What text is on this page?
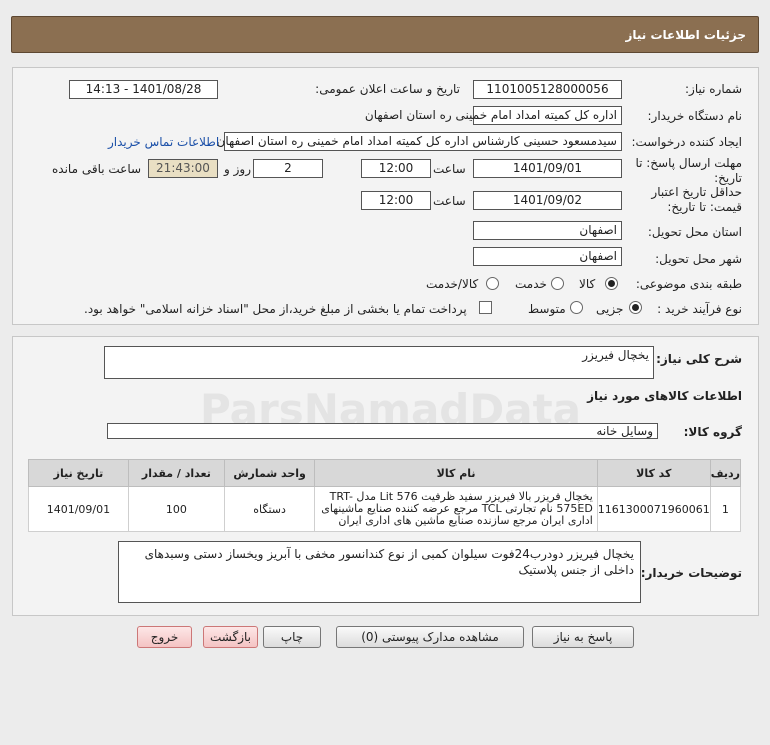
جزئیات اطلاعات نیاز
شماره نیاز:
1101005128000056
تاریخ و ساعت اعلان عمومی:
1401/08/28 - 14:13
نام دستگاه خریدار:
اداره کل کمیته امداد امام خمینی ره استان اصفهان
ایجاد کننده درخواست:
سیدمسعود حسینی کارشناس اداره کل کمیته امداد امام خمینی ره استان اصفهان
اطلاعات تماس خریدار
مهلت ارسال پاسخ: تا تاریخ:
1401/09/01
ساعت
12:00
2
روز و
21:43:00
ساعت باقی مانده
حداقل تاریخ اعتبار قیمت: تا تاریخ:
1401/09/02
ساعت
12:00
استان محل تحویل:
اصفهان
شهر محل تحویل:
اصفهان
طبقه بندی موضوعی:
کالا
خدمت
کالا/خدمت
نوع فرآیند خرید :
جزیی
متوسط
پرداخت تمام یا بخشی از مبلغ خرید،از محل "اسناد خزانه اسلامی" خواهد بود.
شرح کلی نیاز:
یخچال فیریزر
اطلاعات کالاهای مورد نیاز
گروه کالا:
وسایل خانه
ردیف	کد کالا	نام کالا	واحد شمارش	تعداد / مقدار	تاریخ نیاز
1	1161300071960061	یخچال فریزر بالا فیریزر سفید ظرفیت 576 Lit مدل TRT-575ED نام تجارتی TCL مرجع عرضه کننده صنایع ماشینهای اداری ایران مرجع سازنده صنایع ماشین های اداری ایران	دستگاه	100	1401/09/01
توضیحات خریدار:
یخچال فیریزر دودرب24فوت سیلوان کمبی از نوع کندانسور مخفی با آبریز ویخساز دستی وسبدهای داخلی از جنس پلاستیک
پاسخ به نیاز
مشاهده مدارک پیوستی (0)
چاپ
بازگشت
خروج
